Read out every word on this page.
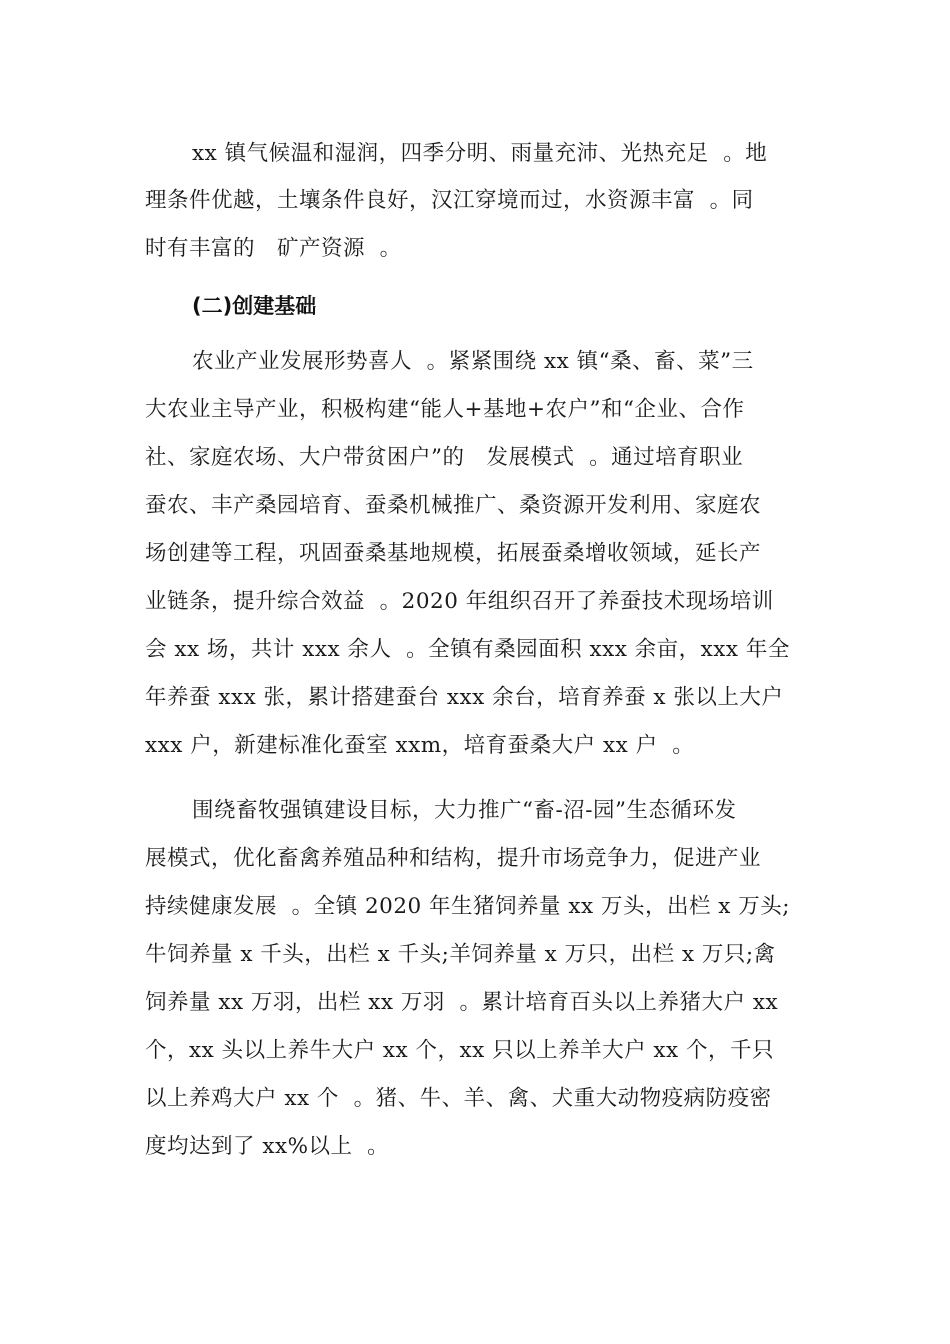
xx 镇气候温和湿润，四季分明、雨量充沛、光热充足  。地
理条件优越，土壤条件良好，汉江穿境而过，水资源丰富  。同
时有丰富的   矿产资源  。
(二)创建基础
农业产业发展形势喜人  。紧紧围绕 xx 镇“桑、畜、菜”三
大农业主导产业，积极构建“能人+基地+农户”和“企业、合作
社、家庭农场、大户带贫困户”的   发展模式  。通过培育职业
蚕农、丰产桑园培育、蚕桑机械推广、桑资源开发利用、家庭农
场创建等工程，巩固蚕桑基地规模，拓展蚕桑增收领域，延长产
业链条，提升综合效益  。2020 年组织召开了养蚕技术现场培训
会 xx 场，共计 xxx 余人  。全镇有桑园面积 xxx 余亩，xxx 年全
年养蚕 xxx 张，累计搭建蚕台 xxx 余台，培育养蚕 x 张以上大户
xxx 户，新建标准化蚕室 xxm，培育蚕桑大户 xx 户  。
围绕畜牧强镇建设目标，大力推广“畜-沼-园”生态循环发
展模式，优化畜禽养殖品种和结构，提升市场竞争力，促进产业
持续健康发展  。全镇 2020 年生猪饲养量 xx 万头，出栏 x 万头;
牛饲养量 x 千头，出栏 x 千头;羊饲养量 x 万只，出栏 x 万只;禽
饲养量 xx 万羽，出栏 xx 万羽  。累计培育百头以上养猪大户 xx
个，xx 头以上养牛大户 xx 个，xx 只以上养羊大户 xx 个，千只
以上养鸡大户 xx 个  。猪、牛、羊、禽、犬重大动物疫病防疫密
度均达到了 xx%以上  。
